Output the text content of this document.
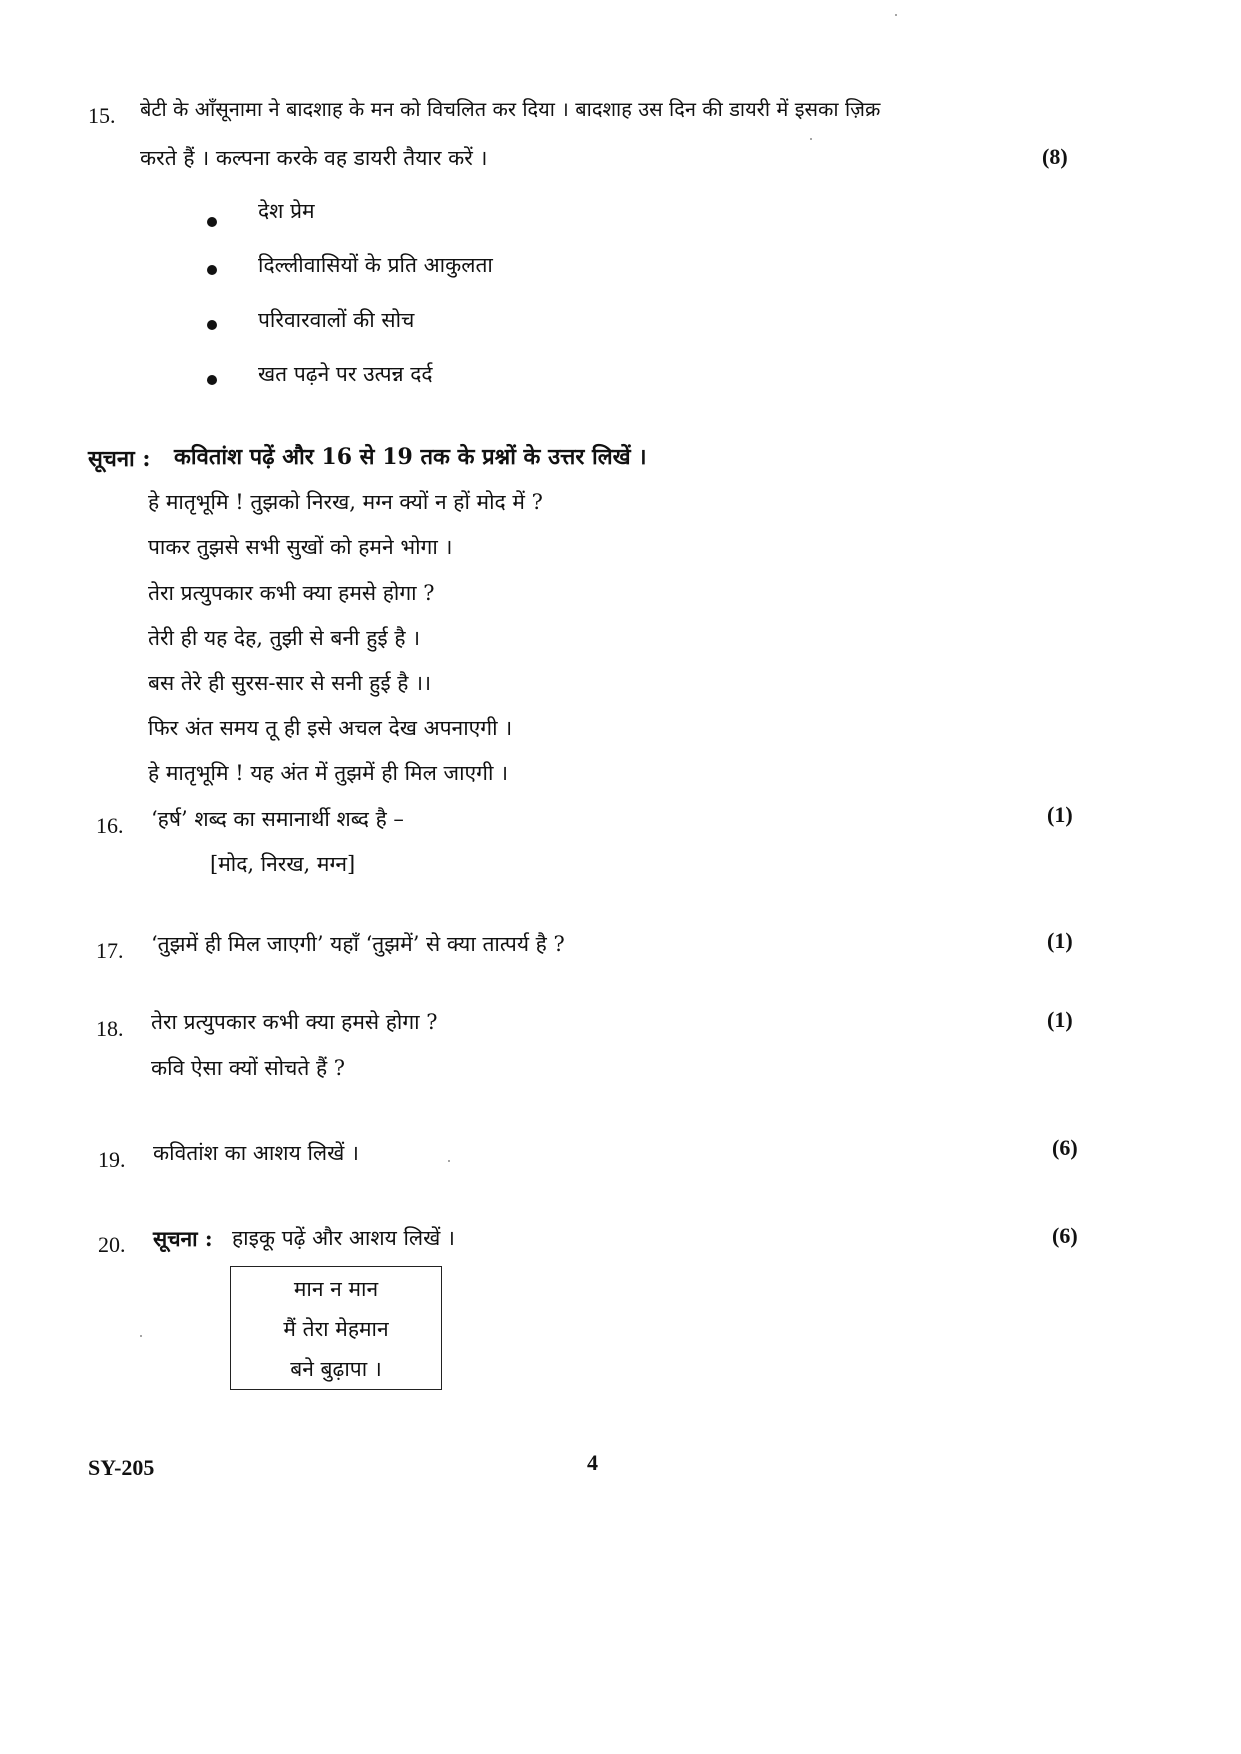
15. बेटी के आँसूनामा ने बादशाह के मन को विचलित कर दिया । बादशाह उस दिन की डायरी में इसका ज़िक्र
करते हैं । कल्पना करके वह डायरी तैयार करें ।	(8)
देश प्रेम
दिल्लीवासियों के प्रति आकुलता
परिवारवालों की सोच
खत पढ़ने पर उत्पन्न दर्द
सूचना : कवितांश पढ़ें और 16 से 19 तक के प्रश्नों के उत्तर लिखें ।
हे मातृभूमि ! तुझको निरख, मग्न क्यों न हों मोद में ?
पाकर तुझसे सभी सुखों को हमने भोगा ।
तेरा प्रत्युपकार कभी क्या हमसे होगा ?
तेरी ही यह देह, तुझी से बनी हुई है ।
बस तेरे ही सुरस-सार से सनी हुई है ।।
फिर अंत समय तू ही इसे अचल देख अपनाएगी ।
हे मातृभूमि ! यह अंत में तुझमें ही मिल जाएगी ।
16. ‘हर्ष’ शब्द का समानार्थी शब्द है –
[मोद, निरख, मग्न]
(1)
17. ‘तुझमें ही मिल जाएगी’ यहाँ ‘तुझमें’ से क्या तात्पर्य है ?	(1)
18. तेरा प्रत्युपकार कभी क्या हमसे होगा ?
कवि ऐसा क्यों सोचते हैं ?
(1)
19. कवितांश का आशय लिखें ।	(6)
20. सूचना : हाइकू पढ़ें और आशय लिखें ।	(6)
मान न मान
मैं तेरा मेहमान
बने बुढ़ापा ।
SY-205	4
